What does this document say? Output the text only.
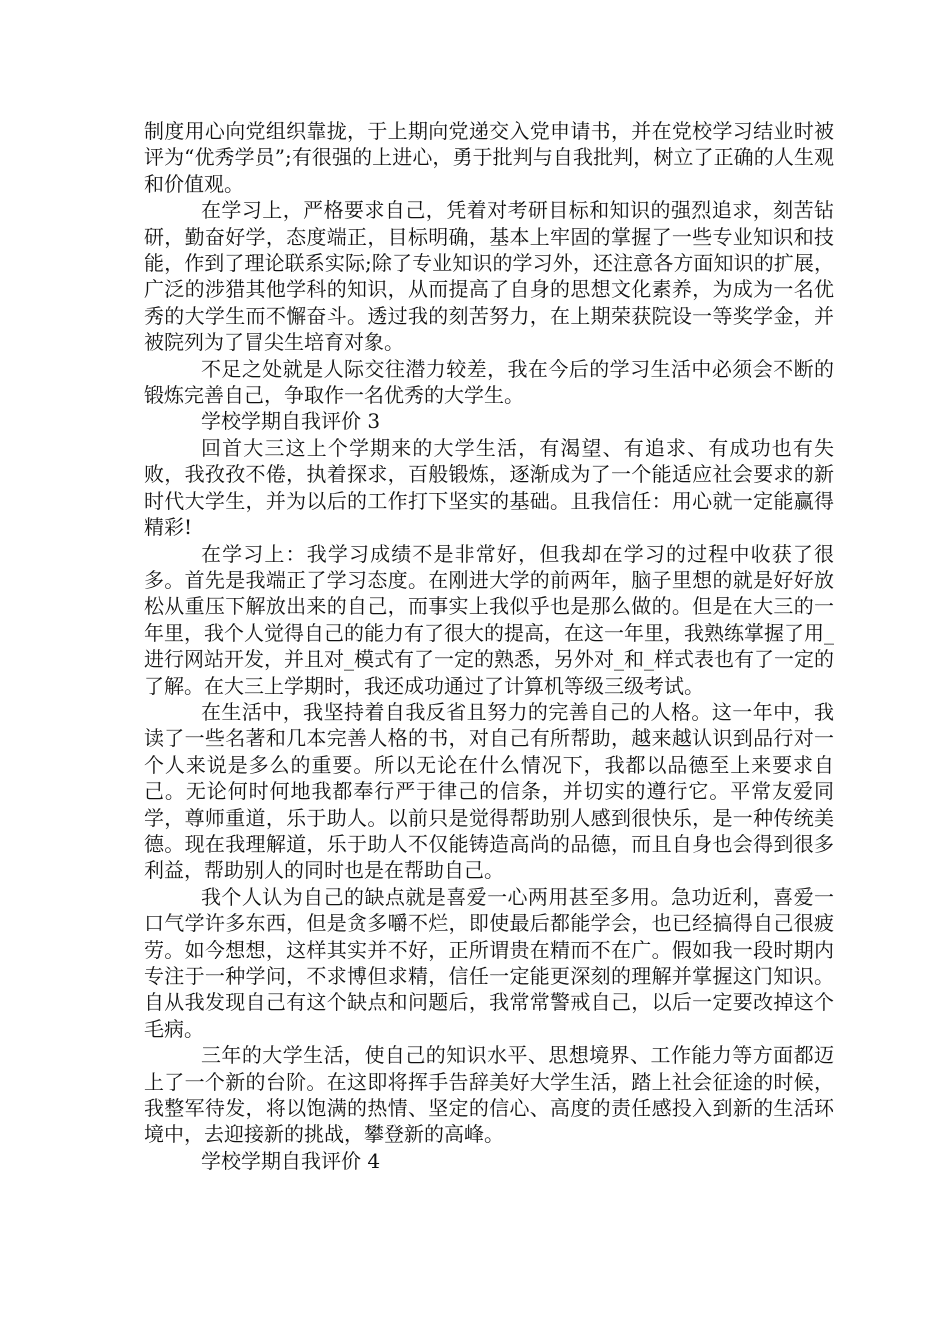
制度用心向党组织靠拢，于上期向党递交入党申请书，并在党校学习结业时被评为“优秀学员”;有很强的上进心，勇于批判与自我批判，树立了正确的人生观和价值观。

在学习上，严格要求自己，凭着对考研目标和知识的强烈追求，刻苦钻研，勤奋好学，态度端正，目标明确，基本上牢固的掌握了一些专业知识和技能，作到了理论联系实际;除了专业知识的学习外，还注意各方面知识的扩展，广泛的涉猎其他学科的知识，从而提高了自身的思想文化素养，为成为一名优秀的大学生而不懈奋斗。透过我的刻苦努力，在上期荣获院设一等奖学金，并被院列为了冒尖生培育对象。

不足之处就是人际交往潜力较差，我在今后的学习生活中必须会不断的锻炼完善自己，争取作一名优秀的大学生。

学校学期自我评价 3

回首大三这上个学期来的大学生活，有渴望、有追求、有成功也有失败，我孜孜不倦，执着探求，百般锻炼，逐渐成为了一个能适应社会要求的新时代大学生，并为以后的工作打下坚实的基础。且我信任：用心就一定能赢得精彩!

在学习上：我学习成绩不是非常好，但我却在学习的过程中收获了很多。首先是我端正了学习态度。在刚进大学的前两年，脑子里想的就是好好放松从重压下解放出来的自己，而事实上我似乎也是那么做的。但是在大三的一年里，我个人觉得自己的能力有了很大的提高，在这一年里，我熟练掌握了用_进行网站开发，并且对_模式有了一定的熟悉，另外对_和_样式表也有了一定的了解。在大三上学期时，我还成功通过了计算机等级三级考试。

在生活中，我坚持着自我反省且努力的完善自己的人格。这一年中，我读了一些名著和几本完善人格的书，对自己有所帮助，越来越认识到品行对一个人来说是多么的重要。所以无论在什么情况下，我都以品德至上来要求自己。无论何时何地我都奉行严于律己的信条，并切实的遵行它。平常友爱同学，尊师重道，乐于助人。以前只是觉得帮助别人感到很快乐，是一种传统美德。现在我理解道，乐于助人不仅能铸造高尚的品德，而且自身也会得到很多利益，帮助别人的同时也是在帮助自己。

我个人认为自己的缺点就是喜爱一心两用甚至多用。急功近利，喜爱一口气学许多东西，但是贪多嚼不烂，即使最后都能学会，也已经搞得自己很疲劳。如今想想，这样其实并不好，正所谓贵在精而不在广。假如我一段时期内专注于一种学问，不求博但求精，信任一定能更深刻的理解并掌握这门知识。自从我发现自己有这个缺点和问题后，我常常警戒自己，以后一定要改掉这个毛病。

三年的大学生活，使自己的知识水平、思想境界、工作能力等方面都迈上了一个新的台阶。在这即将挥手告辞美好大学生活，踏上社会征途的时候，我整军待发，将以饱满的热情、坚定的信心、高度的责任感投入到新的生活环境中，去迎接新的挑战，攀登新的高峰。

学校学期自我评价 4
